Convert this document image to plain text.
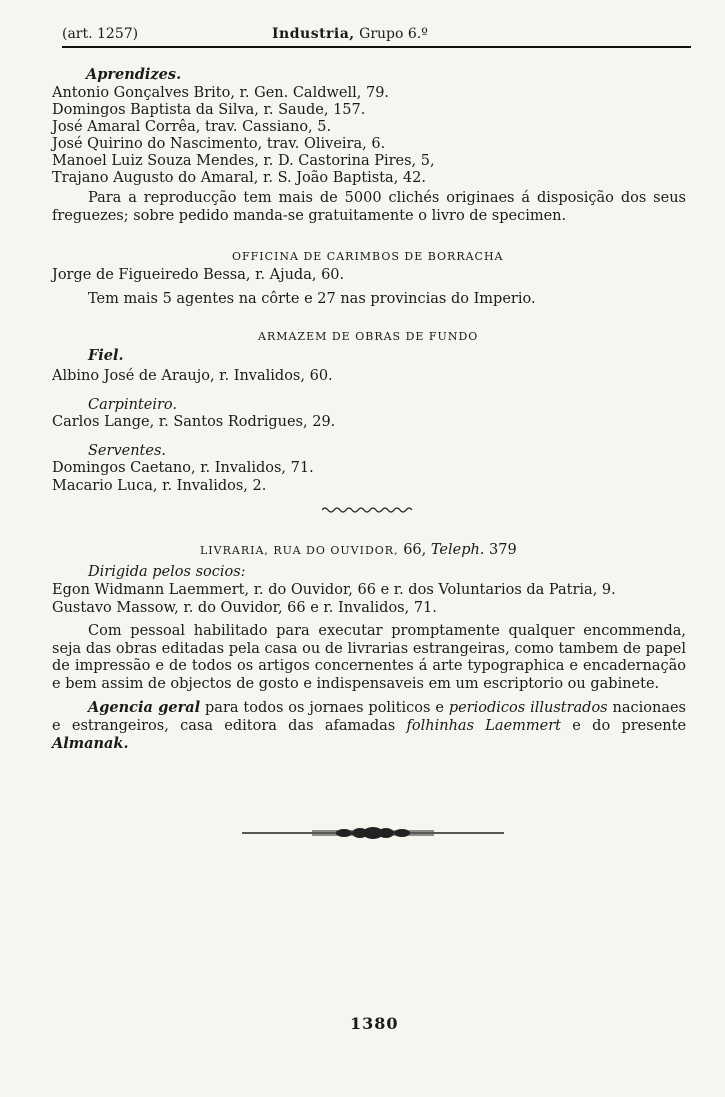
(art. 1257)	Industria, Grupo 6.º
Aprendizes.
Antonio Gonçalves Brito, r. Gen. Caldwell, 79.
Domingos Baptista da Silva, r. Saude, 157.
José Amaral Corrêa, trav. Cassiano, 5.
José Quirino do Nascimento, trav. Oliveira, 6.
Manoel Luiz Souza Mendes, r. D. Castorina Pires, 5,
Trajano Augusto do Amaral, r. S. João Baptista, 42.
Para a reproducção tem mais de 5000 clichés originaes á disposição dos seus freguezes; sobre pedido manda-se gratuitamente o livro de specimen.
OFFICINA DE CARIMBOS DE BORRACHA
Jorge de Figueiredo Bessa, r. Ajuda, 60.
Tem mais 5 agentes na côrte e 27 nas provincias do Imperio.
ARMAZEM DE OBRAS DE FUNDO
Fiel.
Albino José de Araujo, r. Invalidos, 60.
Carpinteiro.
Carlos Lange, r. Santos Rodrigues, 29.
Serventes.
Domingos Caetano, r. Invalidos, 71.
Macario Luca, r. Invalidos, 2.
LIVRARIA, RUA DO OUVIDOR, 66, Teleph. 379
Dirigida pelos socios:
Egon Widmann Laemmert, r. do Ouvidor, 66 e r. dos Voluntarios da Patria, 9.
Gustavo Massow, r. do Ouvidor, 66 e r. Invalidos, 71.
Com pessoal habilitado para executar promptamente qualquer encommenda, seja das obras editadas pela casa ou de livrarias estrangeiras, como tambem de papel de impressão e de todos os artigos concernentes á arte typographica e encadernação e bem assim de objectos de gosto e indispensaveis em um escriptorio ou gabinete.
Agencia geral para todos os jornaes politicos e periodicos illustrados nacionaes e estrangeiros, casa editora das afamadas folhinhas Laemmert e do presente Almanak.
1380
